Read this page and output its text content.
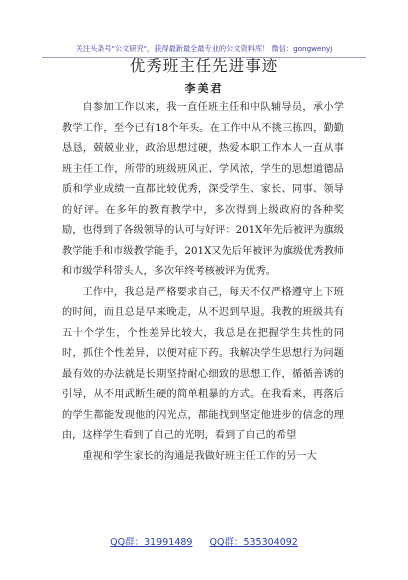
关注头条号"公文研究"，获得最新最全最专业的公文资料库！ 微信：gongwenyj
优秀班主任先进事迹
李美君

自参加工作以来，我一直任班主任和中队辅导员，承小学教学工作，至今已有18个年头。在工作中从不挑三拣四，勤勤恳恳，兢兢业业，政治思想过硬，热爱本职工作本人一直从事班主任工作，所带的班级班风正、学风浓，学生的思想道德品质和学业成绩一直都比较优秀，深受学生、家长、同事、领导的好评。在多年的教育教学中，多次得到上级政府的各种奖励，也得到了各级领导的认可与好评：201X年先后被评为旗级教学能手和市级教学能手，201X又先后年被评为旗级优秀教师和市级学科带头人，多次年终考核被评为优秀。

工作中，我总是严格要求自己，每天不仅严格遵守上下班的时间，而且总是早来晚走，从不迟到早退。我教的班级共有五十个学生，个性差异比较大，我总是在把握学生共性的同时，抓住个性差异，以便对症下药。我解决学生思想行为问题最有效的办法就是长期坚持耐心细致的思想工作，循循善诱的引导，从不用武断生硬的简单粗暴的方式。在我看来，再落后的学生都能发现他的闪光点，都能找到坚定他进步的信念的理由，这样学生看到了自己的光明，看到了自己的希望

重视和学生家长的沟通是我做好班主任工作的另一大

QQ群：31991489 QQ群：535304092
